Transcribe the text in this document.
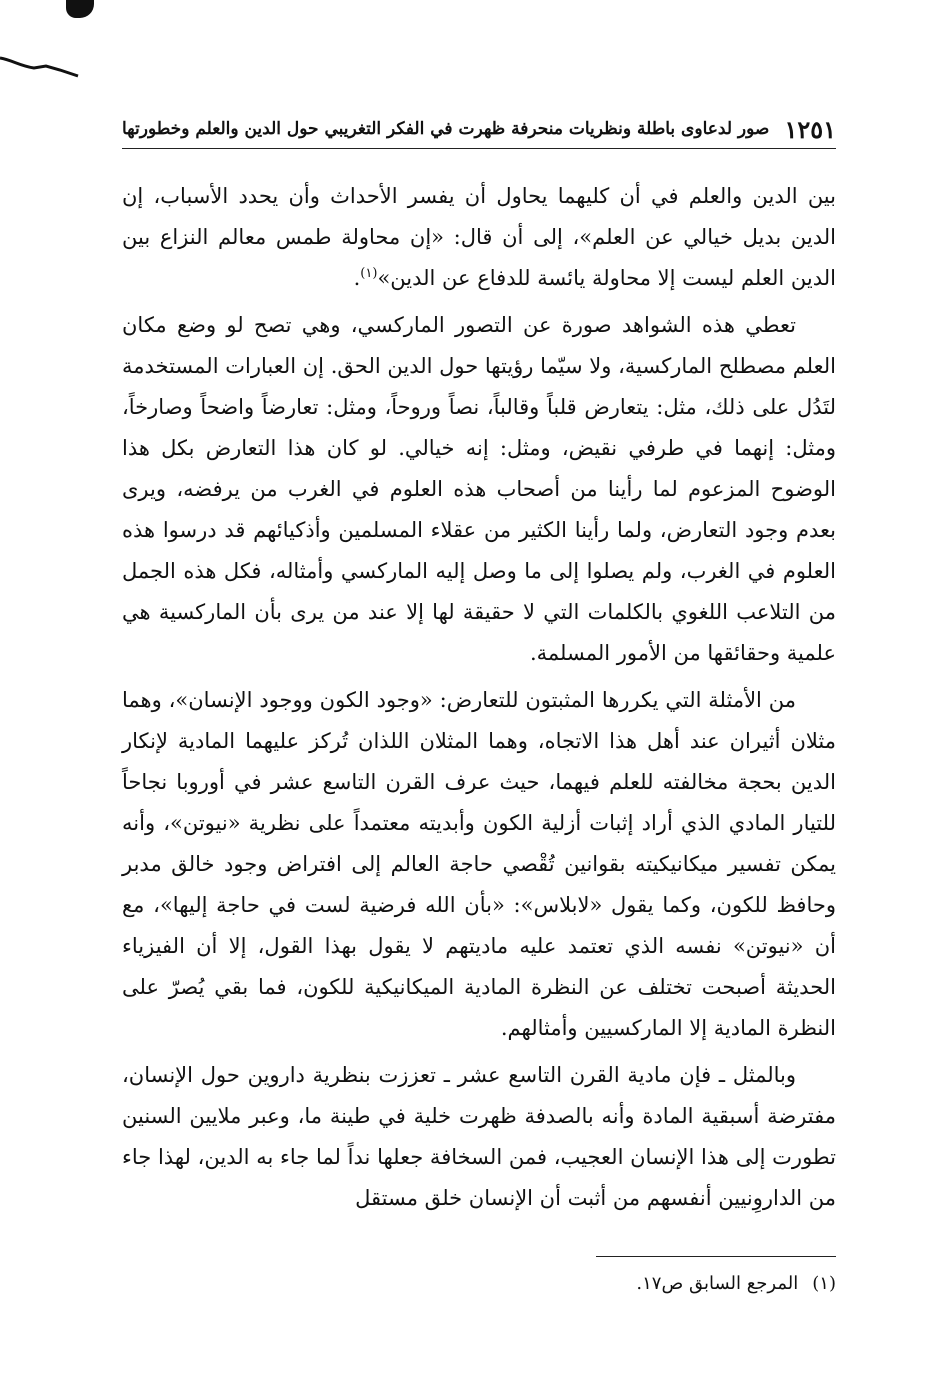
صور لدعاوى باطلة ونظريات منحرفة ظهرت في الفكر التغريبي حول الدين والعلم وخطورتها ١٢٥١

بين الدين والعلم في أن كليهما يحاول أن يفسر الأحداث وأن يحدد الأسباب، إن الدين بديل خيالي عن العلم»، إلى أن قال: «إن محاولة طمس معالم النزاع بين الدين العلم ليست إلا محاولة يائسة للدفاع عن الدين»$^{(١)}$.

تعطي هذه الشواهد صورة عن التصور الماركسي، وهي تصح لو وضع مكان العلم مصطلح الماركسية، ولا سيّما رؤيتها حول الدين الحق. إن العبارات المستخدمة لتَدُل على ذلك، مثل: يتعارض قلباً وقالباً، نصاً وروحاً، ومثل: تعارضاً واضحاً وصارخاً، ومثل: إنهما في طرفي نقيض، ومثل: إنه خيالي. لو كان هذا التعارض بكل هذا الوضوح المزعوم لما رأينا من أصحاب هذه العلوم في الغرب من يرفضه، ويرى بعدم وجود التعارض، ولما رأينا الكثير من عقلاء المسلمين وأذكيائهم قد درسوا هذه العلوم في الغرب، ولم يصلوا إلى ما وصل إليه الماركسي وأمثاله، فكل هذه الجمل من التلاعب اللغوي بالكلمات التي لا حقيقة لها إلا عند من يرى بأن الماركسية هي علمية وحقائقها من الأمور المسلمة.

من الأمثلة التي يكررها المثبتون للتعارض: «وجود الكون ووجود الإنسان»، وهما مثلان أثيران عند أهل هذا الاتجاه، وهما المثلان اللذان تُركز عليهما المادية لإنكار الدين بحجة مخالفته للعلم فيهما، حيث عرف القرن التاسع عشر في أوروبا نجاحاً للتيار المادي الذي أراد إثبات أزلية الكون وأبديته معتمداً على نظرية «نيوتن»، وأنه يمكن تفسير ميكانيكيته بقوانين تُقْصي حاجة العالم إلى افتراض وجود خالق مدبر وحافظ للكون، وكما يقول «لابلاس»: «بأن الله فرضية لست في حاجة إليها»، مع أن «نيوتن» نفسه الذي تعتمد عليه ماديتهم لا يقول بهذا القول، إلا أن الفيزياء الحديثة أصبحت تختلف عن النظرة المادية الميكانيكية للكون، فما بقي يُصرّ على النظرة المادية إلا الماركسيين وأمثالهم.

وبالمثل ـ فإن مادية القرن التاسع عشر ـ تعززت بنظرية داروين حول الإنسان، مفترضة أسبقية المادة وأنه بالصدفة ظهرت خلية في طينة ما، وعبر ملايين السنين تطورت إلى هذا الإنسان العجيب، فمن السخافة جعلها نداً لما جاء به الدين، لهذا جاء من الداروِنيين أنفسهم من أثبت أن الإنسان خلق مستقل

(١)المرجع السابق ص١٧.
